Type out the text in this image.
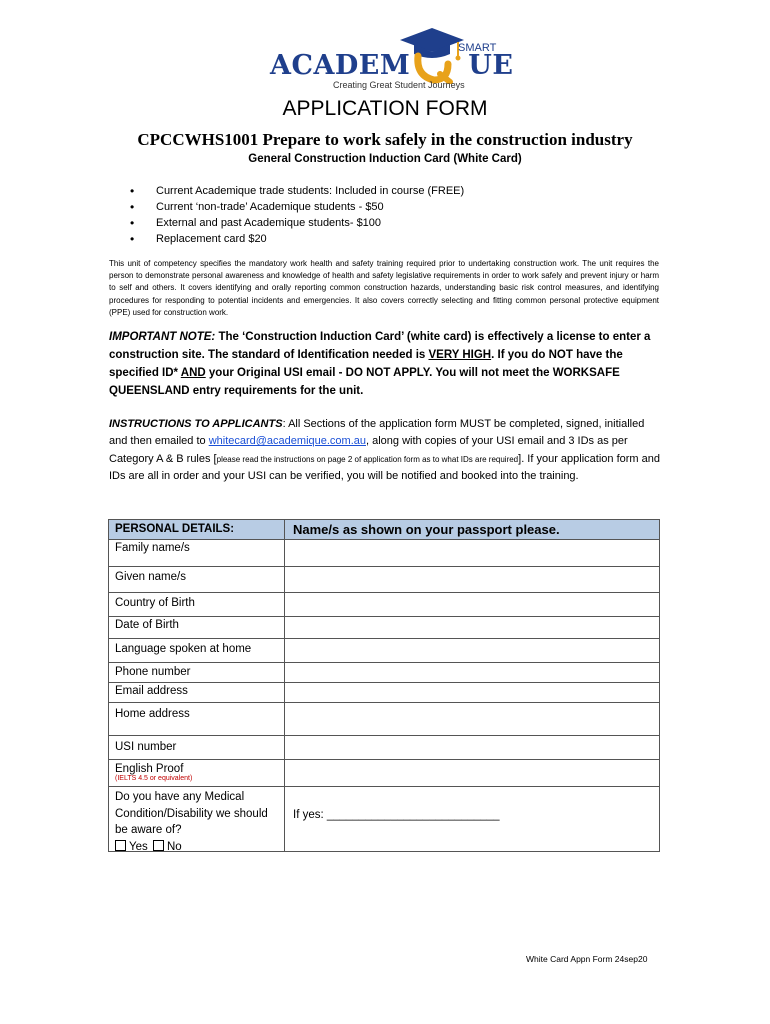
ACADEM UE
SMART
Creating Great Student Journeys
APPLICATION FORM
CPCCWHS1001 Prepare to work safely in the construction industry
General Construction Induction Card (White Card)
• Current Academique trade students: Included in course (FREE)
• Current ‘non-trade’ Academique students - $50
• External and past Academique students- $100
• Replacement card $20
This unit of competency specifies the mandatory work health and safety training required prior to undertaking construction work. The unit requires the person to demonstrate personal awareness and knowledge of health and safety legislative requirements in order to work safely and prevent injury or harm to self and others. It covers identifying and orally reporting common construction hazards, understanding basic risk control measures, and identifying procedures for responding to potential incidents and emergencies. It also covers correctly selecting and fitting common personal protective equipment (PPE) used for construction work.
IMPORTANT NOTE: The ‘Construction Induction Card’ (white card) is effectively a license to enter a construction site. The standard of Identification needed is VERY HIGH. If you do NOT have the specified ID* AND your Original USI email - DO NOT APPLY. You will not meet the WORKSAFE QUEENSLAND entry requirements for the unit.
INSTRUCTIONS TO APPLICANTS: All Sections of the application form MUST be completed, signed, initialled and then emailed to whitecard@academique.com.au, along with copies of your USI email and 3 IDs as per Category A & B rules [please read the instructions on page 2 of application form as to what IDs are required]. If your application form and IDs are all in order and your USI can be verified, you will be notified and booked into the training.
PERSONAL DETAILS:	Name/s as shown on your passport please.
Family name/s
Given name/s
Country of Birth
Date of Birth
Language spoken at home
Phone number
Email address
Home address
USI number
English Proof
(IELTS 4.5 or equivalent)
Do you have any Medical Condition/Disability we should be aware of?
Yes No
If yes: ___________________________
White Card Appn Form 24sep20
